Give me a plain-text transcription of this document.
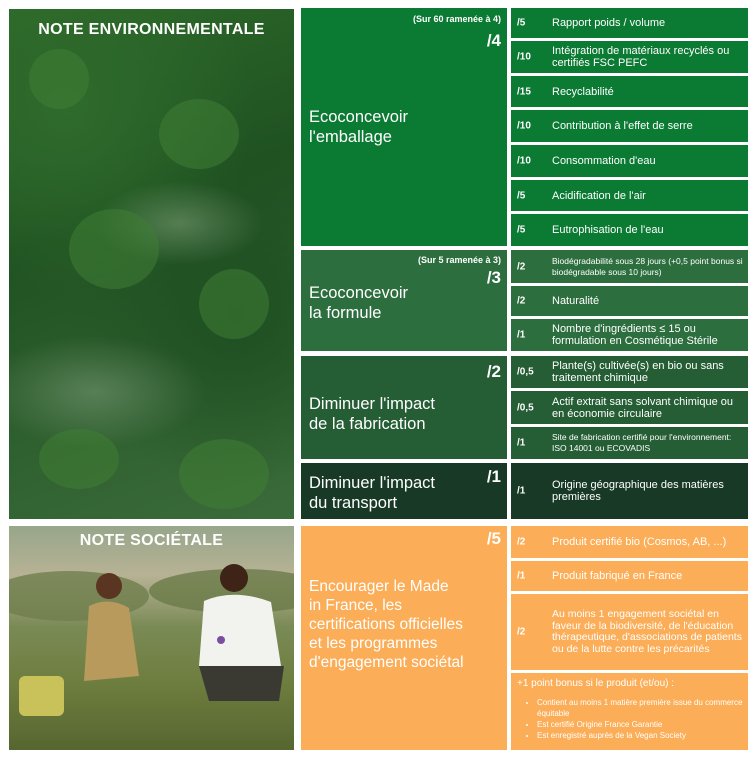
NOTE ENVIRONNEMENTALE
NOTE SOCIÉTALE
(Sur 60 ramenée à 4)
/4
Ecoconcevoir
l'emballage
/5 Rapport poids / volume
/10 Intégration de matériaux recyclés ou certifiés FSC PEFC
/15 Recyclabilité
/10 Contribution à l'effet de serre
/10 Consommation d'eau
/5 Acidification de l'air
/5 Eutrophisation de l'eau
(Sur 5 ramenée à 3)
/3
Ecoconcevoir
la formule
/2
Biodégradabilité sous 28 jours (+0,5 point bonus si biodégradable sous 10 jours)
/2 Naturalité
/1 Nombre d'ingrédients ≤ 15 ou formulation en Cosmétique Stérile
/2
Diminuer l'impact
de la fabrication
/0,5 Plante(s) cultivée(s) en bio ou sans traitement chimique
/0,5 Actif extrait sans solvant chimique ou en économie circulaire
/1
Site de fabrication certifié pour l'environnement: ISO 14001 ou ECOVADIS
/1
Diminuer l'impact
du transport
/1 Origine géographique des matières premières
/5
Encourager le Made
in France, les
certifications officielles
et les programmes
d'engagement sociétal
/2 Produit certifié bio (Cosmos, AB, ...)
/1 Produit fabriqué en France
/2
Au moins 1 engagement sociétal en faveur de la biodiversité, de l'éducation thérapeutique, d'associations de patients ou de la lutte contre les précarités
+1 point bonus si le produit (et/ou) :
• Contient au moins 1 matière première issue du commerce équitable
• Est certifié Origine France Garantie
• Est enregistré auprès de la Vegan Society
